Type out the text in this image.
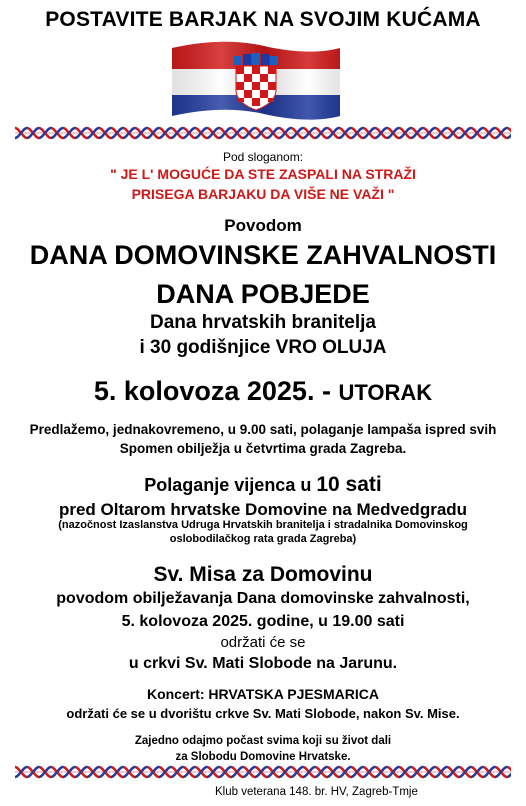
POSTAVITE BARJAK NA SVOJIM KUĆAMA
Pod sloganom:
" JE L' MOGUĆE DA STE ZASPALI NA STRAŽI
PRISEGA BARJAKU DA VIŠE NE VAŽI "
Povodom
DANA DOMOVINSKE ZAHVALNOSTI
DANA POBJEDE
Dana hrvatskih branitelja
i 30 godišnjice VRO OLUJA
5. kolovoza 2025. - UTORAK
Predlažemo, jednakovremeno, u 9.00 sati, polaganje lampaša ispred svih
Spomen obilježja u četvrtima grada Zagreba.
Polaganje vijenca u 10 sati
pred Oltarom hrvatske Domovine na Medvedgradu
(nazočnost Izaslanstva Udruga Hrvatskih branitelja i stradalnika Domovinskog
oslobodilačkog rata grada Zagreba)
Sv. Misa za Domovinu
povodom obilježavanja Dana domovinske zahvalnosti,
5. kolovoza 2025. godine, u 19.00 sati
održati će se
u crkvi Sv. Mati Slobode na Jarunu.
Koncert: HRVATSKA PJESMARICA
održati će se u dvorištu crkve Sv. Mati Slobode, nakon Sv. Mise.
Zajedno odajmo počast svima koji su život dali
za Slobodu Domovine Hrvatske.
Klub veterana 148. br. HV, Zagreb-Tmje
